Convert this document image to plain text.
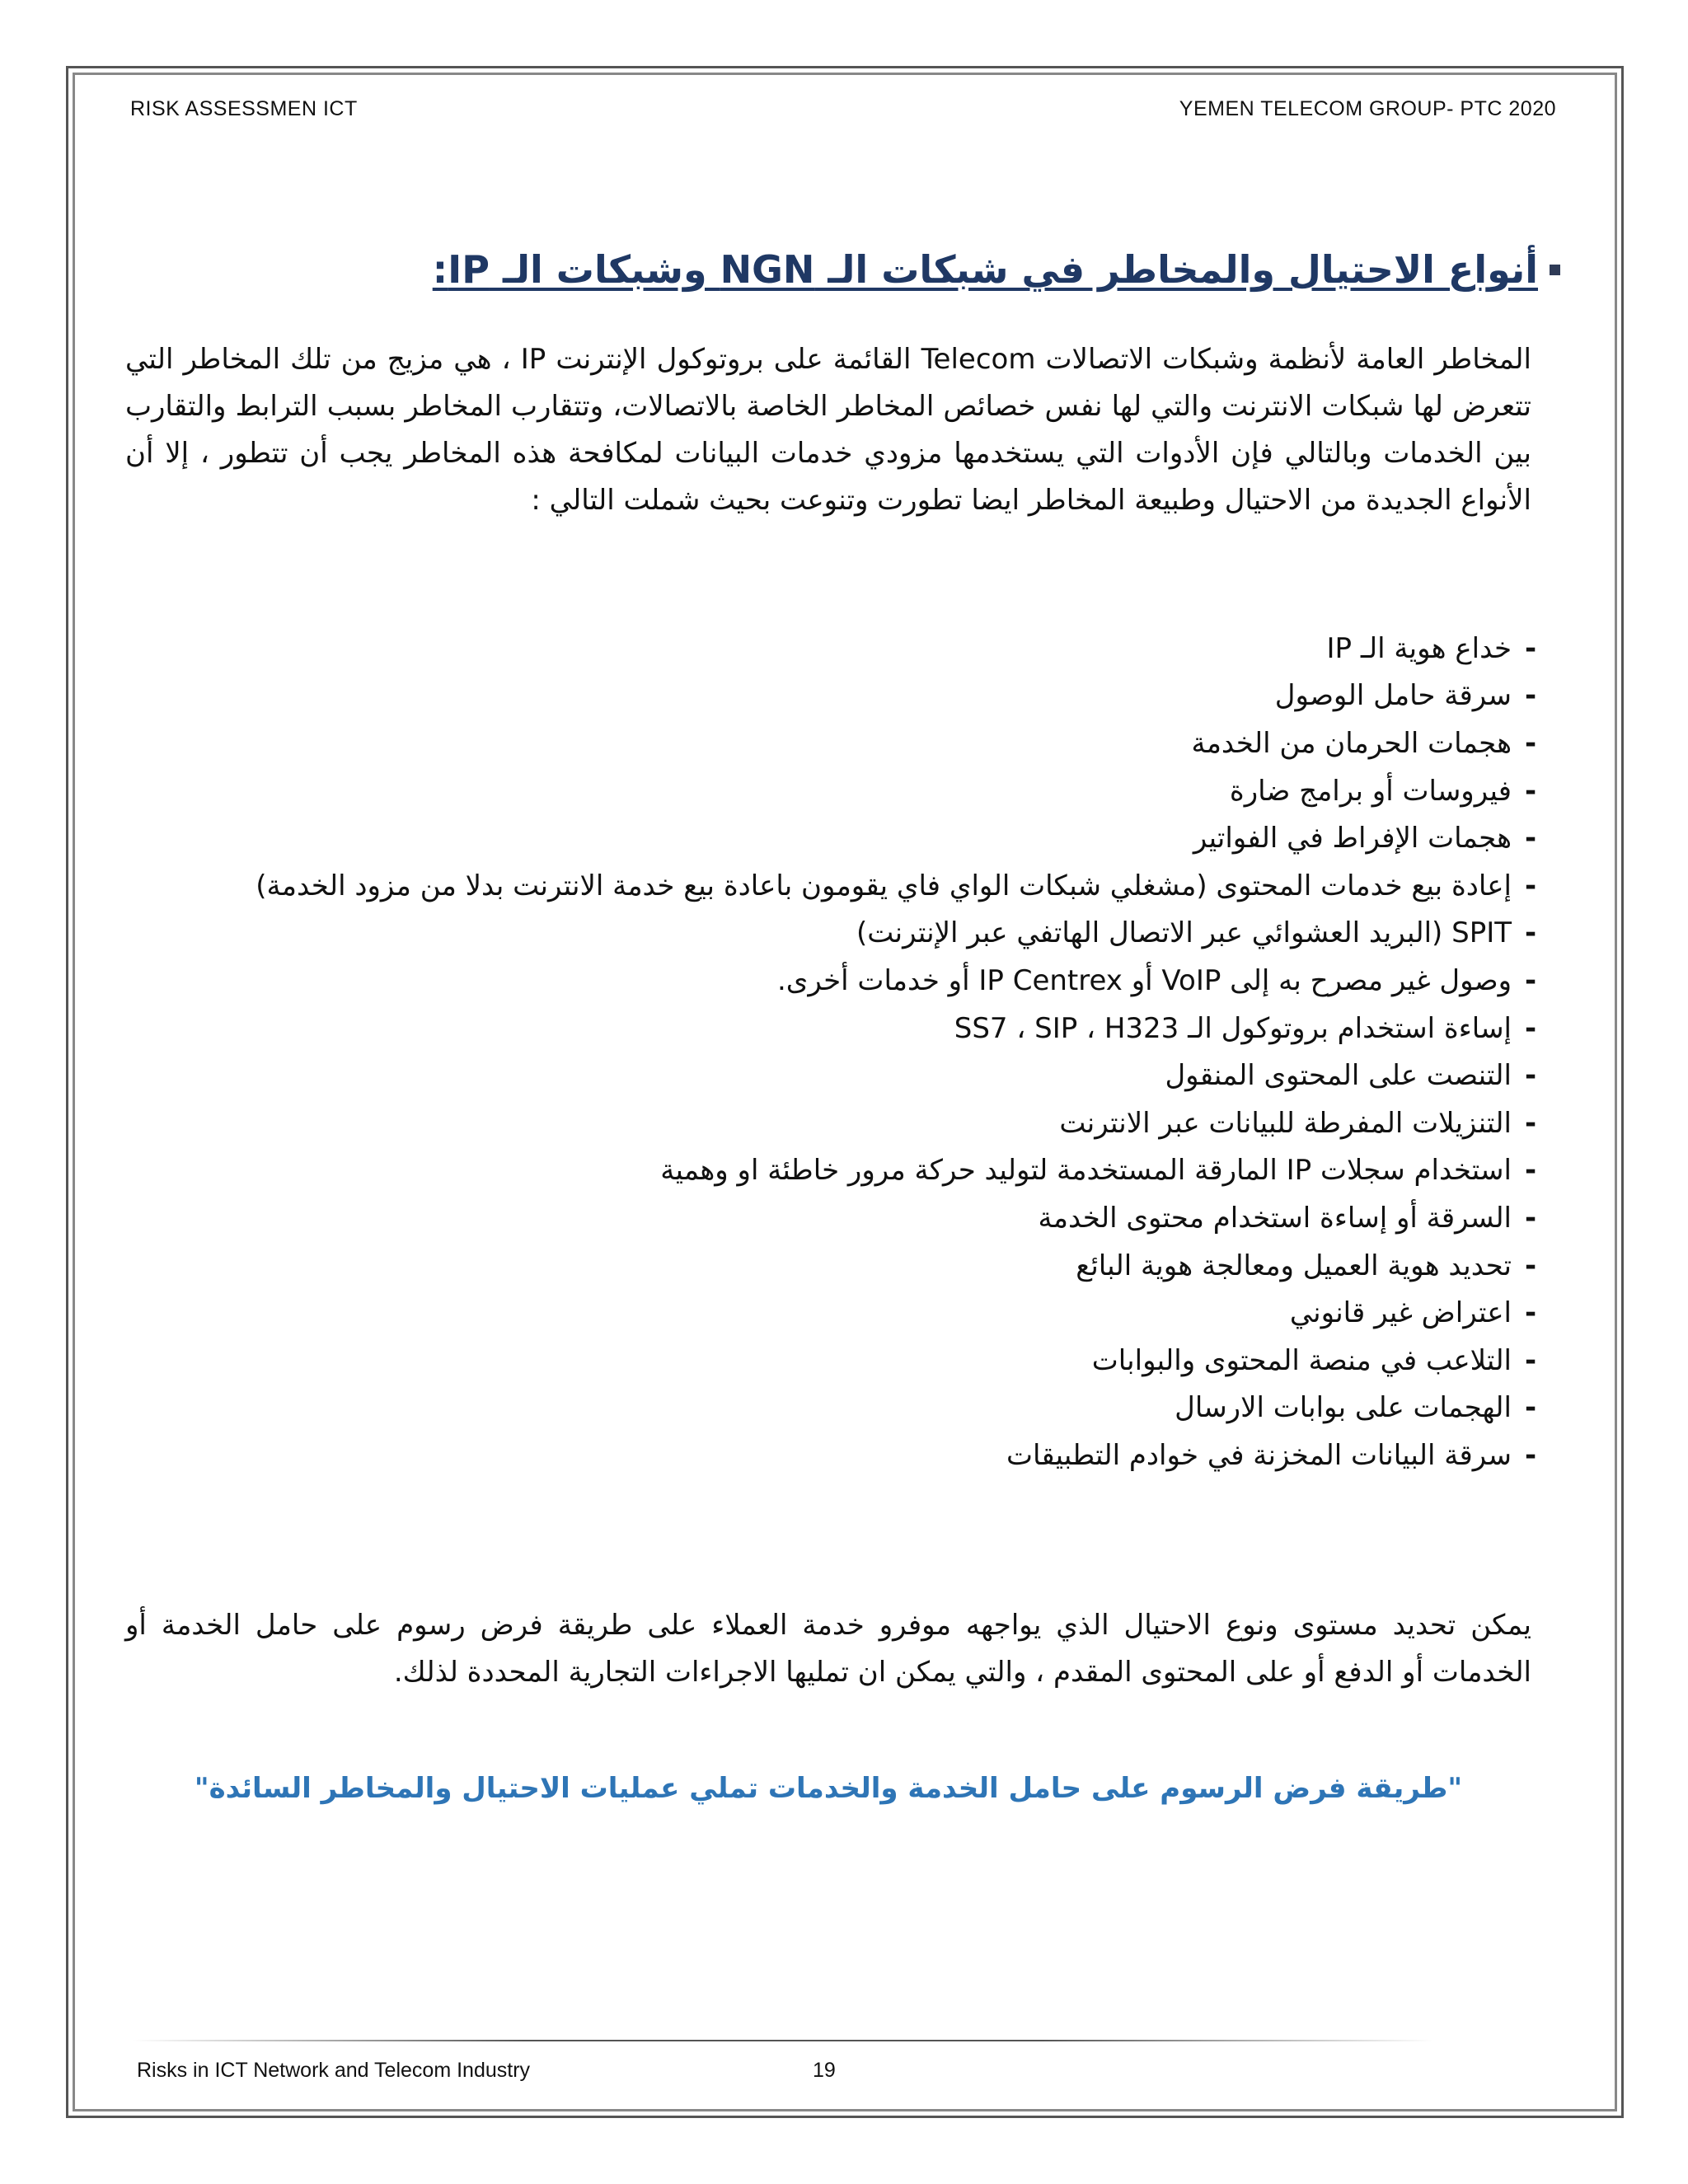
RISK ASSESSMEN ICT	YEMEN TELECOM GROUP- PTC 2020
أنواع الاحتيال والمخاطر في شبكات الـ NGN وشبكات الـ IP:
المخاطر العامة لأنظمة وشبكات الاتصالات Telecom القائمة على بروتوكول الإنترنت IP ، هي مزيج من تلك المخاطر التي تتعرض لها شبكات الانترنت والتي لها نفس خصائص المخاطر الخاصة بالاتصالات، وتتقارب المخاطر بسبب الترابط والتقارب بين الخدمات وبالتالي فإن الأدوات التي يستخدمها مزودي خدمات البيانات لمكافحة هذه المخاطر يجب أن تتطور ، إلا أن الأنواع الجديدة من الاحتيال وطبيعة المخاطر ايضا تطورت وتنوعت بحيث شملت التالي :
-
خداع هوية الـ IP
-
سرقة حامل الوصول
-
هجمات الحرمان من الخدمة
-
فيروسات أو برامج ضارة
-
هجمات الإفراط في الفواتير
-
إعادة بيع خدمات المحتوى (مشغلي شبكات الواي فاي يقومون باعادة بيع خدمة الانترنت بدلا من مزود الخدمة)
-
SPIT (البريد العشوائي عبر الاتصال الهاتفي عبر الإنترنت)
-
وصول غير مصرح به إلى VoIP أو IP Centrex أو خدمات أخرى.
-
إساءة استخدام بروتوكول الـ SS7 ، SIP ، H323
-
التنصت على المحتوى المنقول
-
التنزيلات المفرطة للبيانات عبر الانترنت
-
استخدام سجلات IP المارقة المستخدمة لتوليد حركة مرور خاطئة او وهمية
-
السرقة أو إساءة استخدام محتوى الخدمة
-
تحديد هوية العميل ومعالجة هوية البائع
-
اعتراض غير قانوني
-
التلاعب في منصة المحتوى والبوابات
-
الهجمات على بوابات الارسال
-
سرقة البيانات المخزنة في خوادم التطبيقات
يمكن تحديد مستوى ونوع الاحتيال الذي يواجهه موفرو خدمة العملاء على طريقة فرض رسوم على حامل الخدمة أو الخدمات أو الدفع أو على المحتوى المقدم ، والتي يمكن ان تمليها الاجراءات التجارية المحددة لذلك.
"طريقة فرض الرسوم على حامل الخدمة والخدمات تملي عمليات الاحتيال والمخاطر السائدة"
Risks in ICT Network and Telecom Industry	19
